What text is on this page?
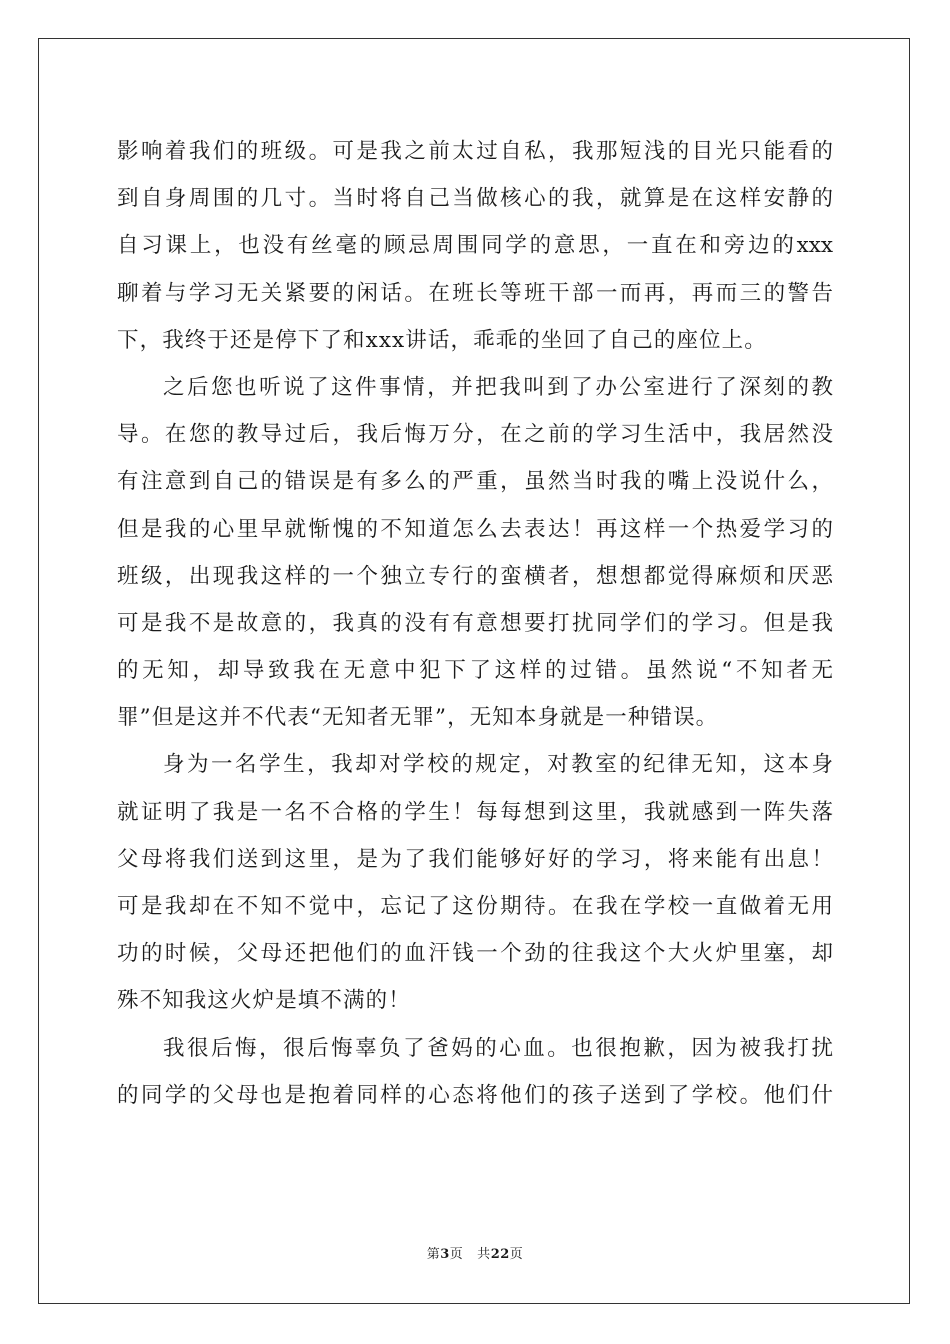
影响着我们的班级。可是我之前太过自私，我那短浅的目光只能看的
到自身周围的几寸。当时将自己当做核心的我，就算是在这样安静的
自习课上，也没有丝毫的顾忌周围同学的意思，一直在和旁边的xxx
聊着与学习无关紧要的闲话。在班长等班干部一而再，再而三的警告
下，我终于还是停下了和xxx讲话，乖乖的坐回了自己的座位上。
之后您也听说了这件事情，并把我叫到了办公室进行了深刻的教
导。在您的教导过后，我后悔万分，在之前的学习生活中，我居然没
有注意到自己的错误是有多么的严重，虽然当时我的嘴上没说什么，
但是我的心里早就惭愧的不知道怎么去表达！再这样一个热爱学习的
班级，出现我这样的一个独立专行的蛮横者，想想都觉得麻烦和厌恶
可是我不是故意的，我真的没有有意想要打扰同学们的学习。但是我
的无知，却导致我在无意中犯下了这样的过错。虽然说“不知者无
罪”但是这并不代表“无知者无罪”，无知本身就是一种错误。
身为一名学生，我却对学校的规定，对教室的纪律无知，这本身
就证明了我是一名不合格的学生！每每想到这里，我就感到一阵失落
父母将我们送到这里，是为了我们能够好好的学习，将来能有出息！
可是我却在不知不觉中，忘记了这份期待。在我在学校一直做着无用
功的时候，父母还把他们的血汗钱一个劲的往我这个大火炉里塞，却
殊不知我这火炉是填不满的！
我很后悔，很后悔辜负了爸妈的心血。也很抱歉，因为被我打扰
的同学的父母也是抱着同样的心态将他们的孩子送到了学校。他们什
第3页 共22页
